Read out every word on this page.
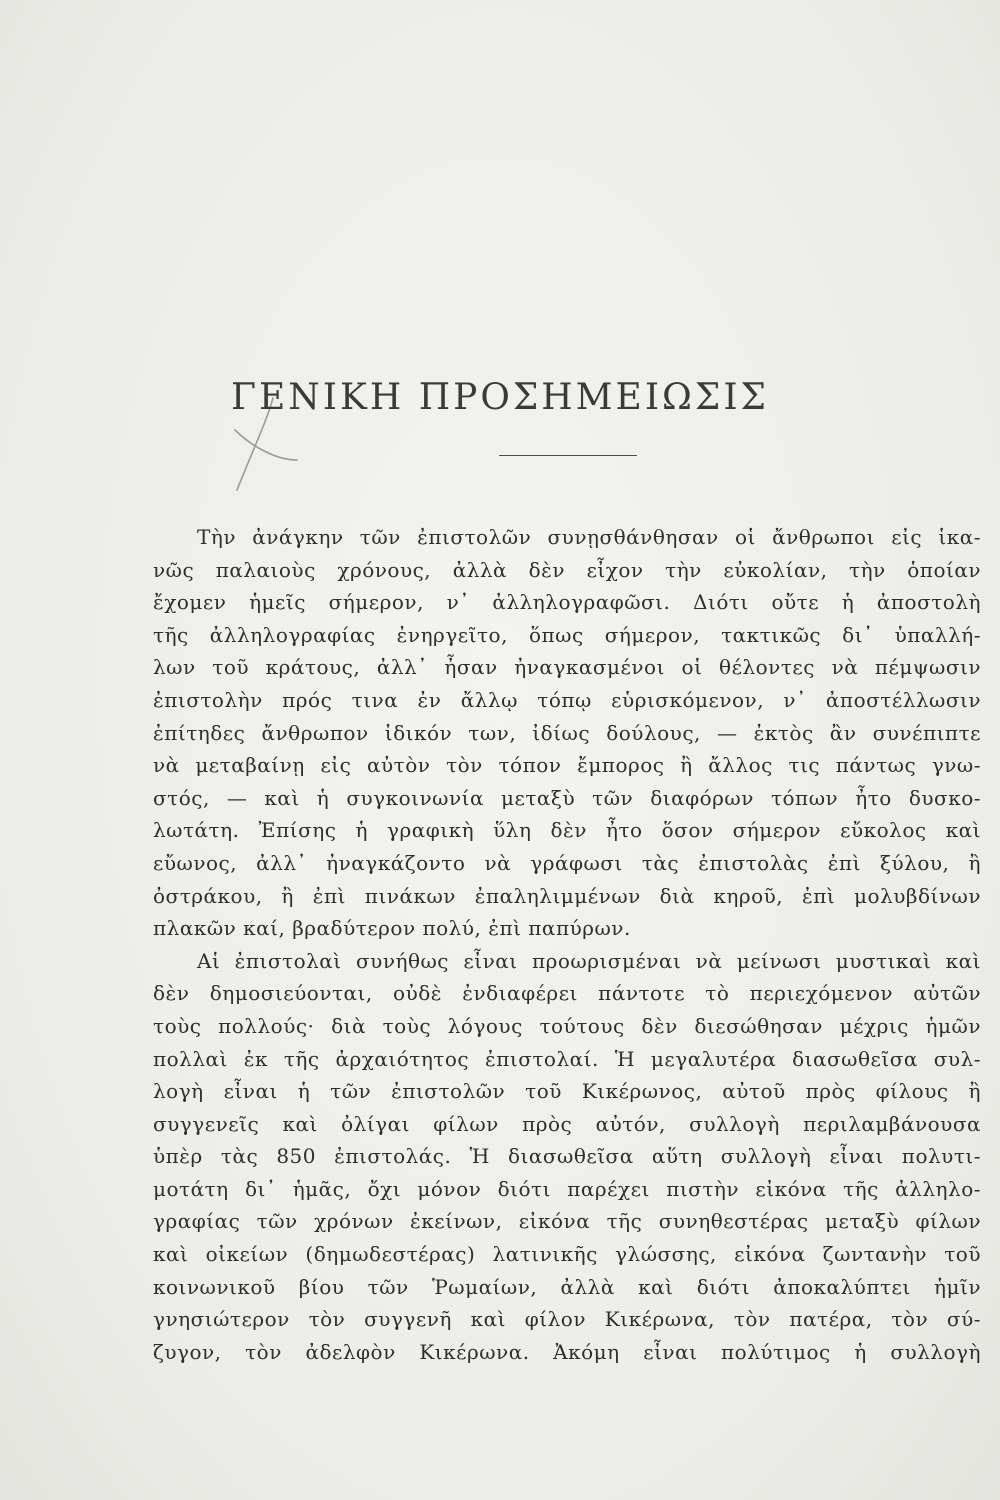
ΓΕΝΙΚΗ ΠΡΟΣΗΜΕΙΩΣΙΣ
Τὴν ἀνάγκην τῶν ἐπιστολῶν συνῃσθάνθησαν οἱ ἄνθρωποι εἰς ἱκα-
νῶς παλαιοὺς χρόνους, ἀλλὰ δὲν εἶχον τὴν εὐκολίαν, τὴν ὁποίαν
ἔχομεν ἡμεῖς σήμερον, ν᾽ ἀλληλογραφῶσι. Διότι οὔτε ἡ ἀποστολὴ
τῆς ἀλληλογραφίας ἐνηργεῖτο, ὅπως σήμερον, τακτικῶς δι᾽ ὑπαλλή-
λων τοῦ κράτους, ἀλλ᾽ ἦσαν ἠναγκασμένοι οἱ θέλοντες νὰ πέμψωσιν
ἐπιστολὴν πρός τινα ἐν ἄλλῳ τόπῳ εὑρισκόμενον, ν᾽ ἀποστέλλωσιν
ἐπίτηδες ἄνθρωπον ἰδικόν των, ἰδίως δούλους, — ἐκτὸς ἂν συνέπιπτε
νὰ μεταβαίνῃ εἰς αὐτὸν τὸν τόπον ἔμπορος ἢ ἄλλος τις πάντως γνω-
στός, — καὶ ἡ συγκοινωνία μεταξὺ τῶν διαφόρων τόπων ἦτο δυσκο-
λωτάτη. Ἐπίσης ἡ γραφικὴ ὕλη δὲν ἦτο ὅσον σήμερον εὔκολος καὶ
εὔωνος, ἀλλ᾽ ἠναγκάζοντο νὰ γράφωσι τὰς ἐπιστολὰς ἐπὶ ξύλου, ἢ
ὀστράκου, ἢ ἐπὶ πινάκων ἐπαληλιμμένων διὰ κηροῦ, ἐπὶ μολυβδίνων
πλακῶν καί, βραδύτερον πολύ, ἐπὶ παπύρων.
Αἱ ἐπιστολαὶ συνήθως εἶναι προωρισμέναι νὰ μείνωσι μυστικαὶ καὶ
δὲν δημοσιεύονται, οὐδὲ ἐνδιαφέρει πάντοτε τὸ περιεχόμενον αὐτῶν
τοὺς πολλούς· διὰ τοὺς λόγους τούτους δὲν διεσώθησαν μέχρις ἡμῶν
πολλαὶ ἐκ τῆς ἀρχαιότητος ἐπιστολαί. Ἡ μεγαλυτέρα διασωθεῖσα συλ-
λογὴ εἶναι ἡ τῶν ἐπιστολῶν τοῦ Κικέρωνος, αὐτοῦ πρὸς φίλους ἢ
συγγενεῖς καὶ ὀλίγαι φίλων πρὸς αὐτόν, συλλογὴ περιλαμβάνουσα
ὑπὲρ τὰς 850 ἐπιστολάς. Ἡ διασωθεῖσα αὕτη συλλογὴ εἶναι πολυτι-
μοτάτη δι᾽ ἡμᾶς, ὄχι μόνον διότι παρέχει πιστὴν εἰκόνα τῆς ἀλληλο-
γραφίας τῶν χρόνων ἐκείνων, εἰκόνα τῆς συνηθεστέρας μεταξὺ φίλων
καὶ οἰκείων (δημωδεστέρας) λατινικῆς γλώσσης, εἰκόνα ζωντανὴν τοῦ
κοινωνικοῦ βίου τῶν Ῥωμαίων, ἀλλὰ καὶ διότι ἀποκαλύπτει ἡμῖν
γνησιώτερον τὸν συγγενῆ καὶ φίλον Κικέρωνα, τὸν πατέρα, τὸν σύ-
ζυγον, τὸν ἀδελφὸν Κικέρωνα. Ἀκόμη εἶναι πολύτιμος ἡ συλλογὴ
